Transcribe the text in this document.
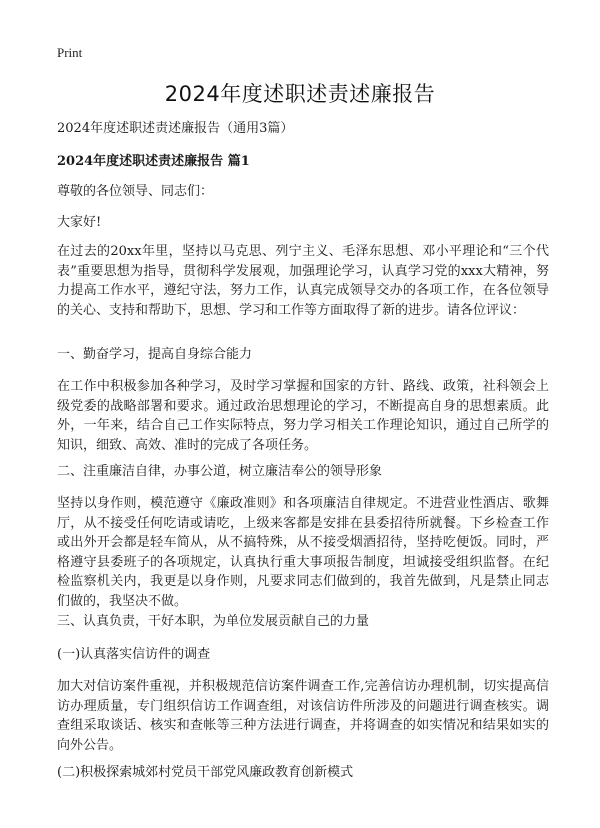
Print
2024年度述职述责述廉报告

2024年度述职述责述廉报告（通用3篇）

2024年度述职述责述廉报告 篇1

尊敬的各位领导、同志们：

大家好!

在过去的20xx年里，坚持以马克思、列宁主义、毛泽东思想、邓小平理论和“三个代表”重要思想为指导，贯彻科学发展观，加强理论学习，认真学习党的xxx大精神，努力提高工作水平，遵纪守法，努力工作，认真完成领导交办的各项工作，在各位领导的关心、支持和帮助下，思想、学习和工作等方面取得了新的进步。请各位评议：

一、勤奋学习，提高自身综合能力

在工作中积极参加各种学习，及时学习掌握和国家的方针、路线、政策，社科领会上级党委的战略部署和要求。通过政治思想理论的学习，不断提高自身的思想素质。此外，一年来，结合自己工作实际特点，努力学习相关工作理论知识，通过自己所学的知识，细致、高效、准时的完成了各项任务。

二、注重廉洁自律，办事公道，树立廉洁奉公的领导形象

坚持以身作则，模范遵守《廉政准则》和各项廉洁自律规定。不进营业性酒店、歌舞厅，从不接受任何吃请或请吃，上级来客都是安排在县委招待所就餐。下乡检查工作或出外开会都是轻车简从，从不搞特殊，从不接受烟酒招待，坚持吃便饭。同时，严格遵守县委班子的各项规定，认真执行重大事项报告制度，坦诚接受组织监督。在纪检监察机关内，我更是以身作则，凡要求同志们做到的，我首先做到，凡是禁止同志们做的，我坚决不做。

三、认真负责，干好本职，为单位发展贡献自己的力量

(一)认真落实信访件的调查

加大对信访案件重视，并积极规范信访案件调查工作,完善信访办理机制，切实提高信访办理质量，专门组织信访工作调查组，对该信访件所涉及的问题进行调查核实。调查组采取谈话、核实和查帐等三种方法进行调查，并将调查的如实情况和结果如实的向外公告。

(二)积极探索城郊村党员干部党风廉政教育创新模式
